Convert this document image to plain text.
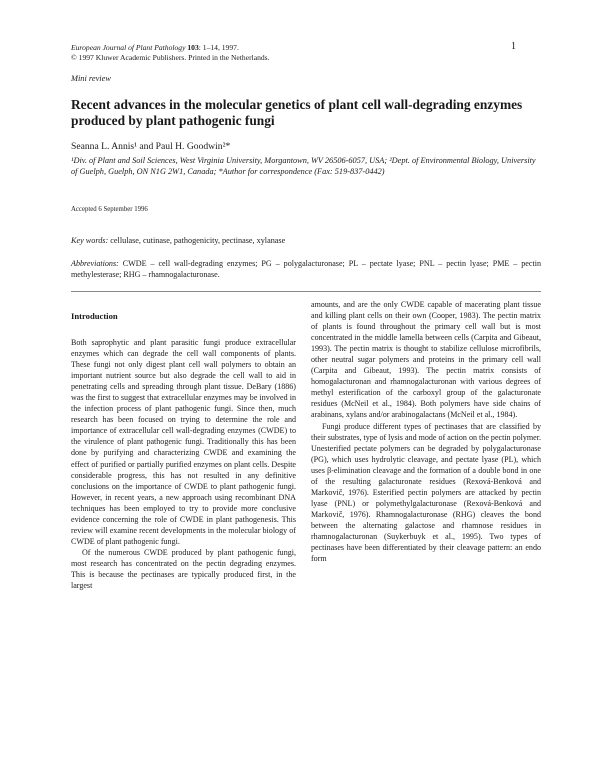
European Journal of Plant Pathology 103: 1–14, 1997.
© 1997 Kluwer Academic Publishers. Printed in the Netherlands.
1
Mini review
Recent advances in the molecular genetics of plant cell wall-degrading enzymes produced by plant pathogenic fungi
Seanna L. Annis¹ and Paul H. Goodwin²*
¹Div. of Plant and Soil Sciences, West Virginia University, Morgantown, WV 26506-6057, USA; ²Dept. of Environmental Biology, University of Guelph, Guelph, ON N1G 2W1, Canada; *Author for correspondence (Fax: 519-837-0442)
Accepted 6 September 1996
Key words: cellulase, cutinase, pathogenicity, pectinase, xylanase
Abbreviations: CWDE – cell wall-degrading enzymes; PG – polygalacturonase; PL – pectate lyase; PNL – pectin lyase; PME – pectin methylesterase; RHG – rhamnogalacturonase.
Introduction

Both saprophytic and plant parasitic fungi produce extracellular enzymes which can degrade the cell wall components of plants. These fungi not only digest plant cell wall polymers to obtain an important nutrient source but also degrade the cell wall to aid in penetrating cells and spreading through plant tissue. DeBary (1886) was the first to suggest that extracellular enzymes may be involved in the infection process of plant pathogenic fungi. Since then, much research has been focused on trying to determine the role and importance of extracellular cell wall-degrading enzymes (CWDE) to the virulence of plant pathogenic fungi. Traditionally this has been done by purifying and characterizing CWDE and examining the effect of purified or partially purified enzymes on plant cells. Despite considerable progress, this has not resulted in any definitive conclusions on the importance of CWDE to plant pathogenic fungi. However, in recent years, a new approach using recombinant DNA techniques has been employed to try to provide more conclusive evidence concerning the role of CWDE in plant pathogenesis. This review will examine recent developments in the molecular biology of CWDE of plant pathogenic fungi.

Of the numerous CWDE produced by plant pathogenic fungi, most research has concentrated on the pectin degrading enzymes. This is because the pectinases are typically produced first, in the largest

amounts, and are the only CWDE capable of macerating plant tissue and killing plant cells on their own (Cooper, 1983). The pectin matrix of plants is found throughout the primary cell wall but is most concentrated in the middle lamella between cells (Carpita and Gibeaut, 1993). The pectin matrix is thought to stabilize cellulose microfibrils, other neutral sugar polymers and proteins in the primary cell wall (Carpita and Gibeaut, 1993). The pectin matrix consists of homogalacturonan and rhamnogalacturonan with various degrees of methyl esterification of the carboxyl group of the galacturonate residues (McNeil et al., 1984). Both polymers have side chains of arabinans, xylans and/or arabinogalactans (McNeil et al., 1984).

Fungi produce different types of pectinases that are classified by their substrates, type of lysis and mode of action on the pectin polymer. Unesterified pectate polymers can be degraded by polygalacturonase (PG), which uses hydrolytic cleavage, and pectate lyase (PL), which uses β-elimination cleavage and the formation of a double bond in one of the resulting galacturonate residues (Rexová-Benková and Markovič, 1976). Esterified pectin polymers are attacked by pectin lyase (PNL) or polymethylgalacturonase (Rexová-Benková and Markovič, 1976). Rhamnogalacturonase (RHG) cleaves the bond between the alternating galactose and rhamnose residues in rhamnogalacturonan (Suykerbuyk et al., 1995). Two types of pectinases have been differentiated by their cleavage pattern: an endo form
